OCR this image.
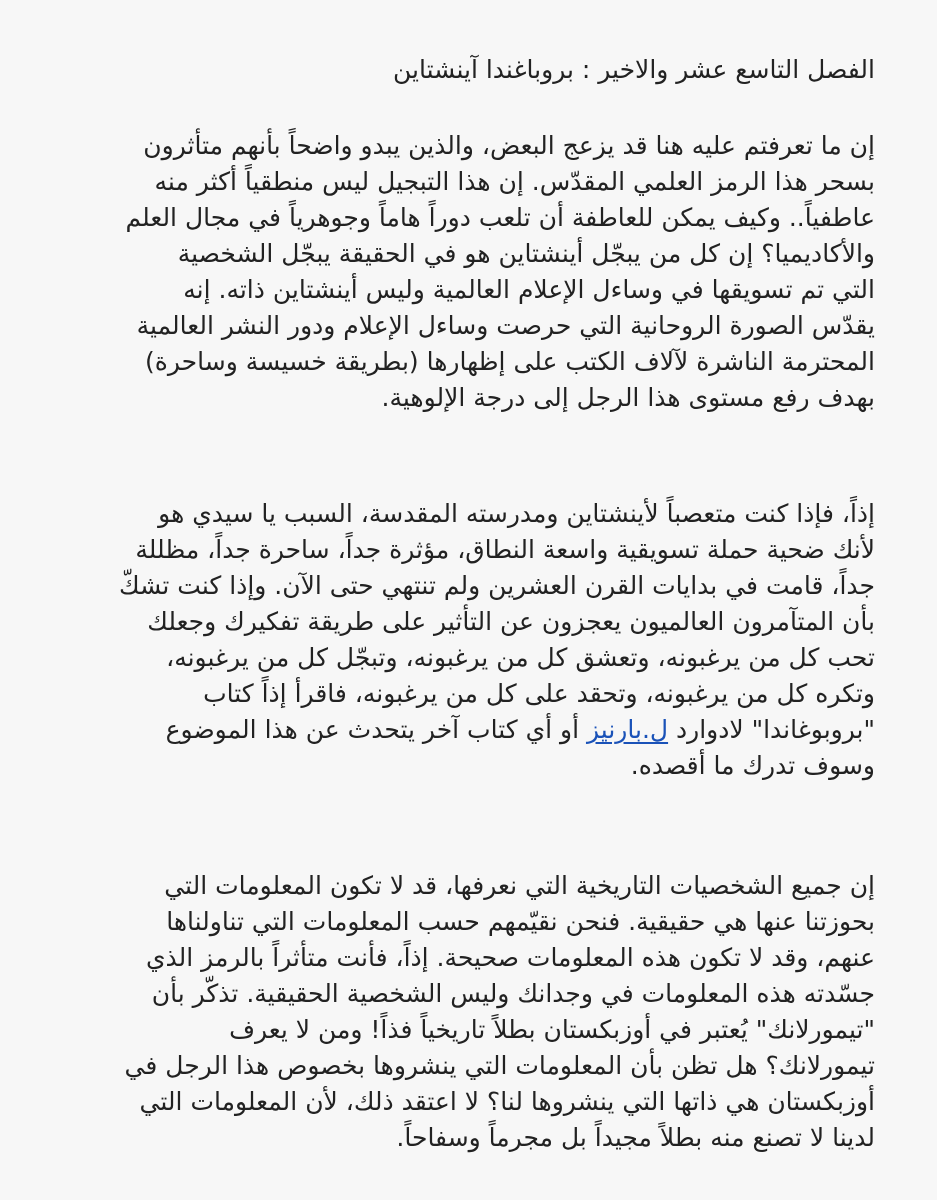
الفصل التاسع عشر والاخير : بروباغندا آينشتاين

إن ما تعرفتم عليه هنا قد يزعج البعض، والذين يبدو واضحاً بأنهم متأثرون

بسحر هذا الرمز العلمي المقدّس. إن هذا التبجيل ليس منطقياً أكثر منه

عاطفياً.. وكيف يمكن للعاطفة أن تلعب دوراً هاماً وجوهرياً في مجال العلم

والأكاديميا؟ إن كل من يبجّل أينشتاين هو في الحقيقة يبجّل الشخصية

التي تم تسويقها في وساءل الإعلام العالمية وليس أينشتاين ذاته. إنه

يقدّس الصورة الروحانية التي حرصت وساءل الإعلام ودور النشر العالمية

المحترمة الناشرة لآلاف الكتب على إظهارها (بطريقة خسيسة وساحرة)

بهدف رفع مستوى هذا الرجل إلى درجة الإلوهية.

إذاً، فإذا كنت متعصباً لأينشتاين ومدرسته المقدسة، السبب يا سيدي هو

لأنك ضحية حملة تسويقية واسعة النطاق، مؤثرة جداً، ساحرة جداً، مظللة

جداً، قامت في بدايات القرن العشرين ولم تنتهي حتى الآن. وإذا كنت تشكّ

بأن المتآمرون العالميون يعجزون عن التأثير على طريقة تفكيرك وجعلك

تحب كل من يرغبونه، وتعشق كل من يرغبونه، وتبجّل كل من يرغبونه،

وتكره كل من يرغبونه، وتحقد على كل من يرغبونه، فاقرأ إذاً كتاب

"بروبوغاندا" لادوارد ل.بارنيز أو أي كتاب آخر يتحدث عن هذا الموضوع

وسوف تدرك ما أقصده.

إن جميع الشخصيات التاريخية التي نعرفها، قد لا تكون المعلومات التي

بحوزتنا عنها هي حقيقية. فنحن نقيّمهم حسب المعلومات التي تناولناها

عنهم، وقد لا تكون هذه المعلومات صحيحة. إذاً، فأنت متأثراً بالرمز الذي

جسّدته هذه المعلومات في وجدانك وليس الشخصية الحقيقية. تذكّر بأن

"تيمورلانك" يُعتبر في أوزبكستان بطلاً تاريخياً فذاً! ومن لا يعرف

تيمورلانك؟ هل تظن بأن المعلومات التي ينشروها بخصوص هذا الرجل في

أوزبكستان هي ذاتها التي ينشروها لنا؟ لا اعتقد ذلك، لأن المعلومات التي

لدينا لا تصنع منه بطلاً مجيداً بل مجرماً وسفاحاً.
